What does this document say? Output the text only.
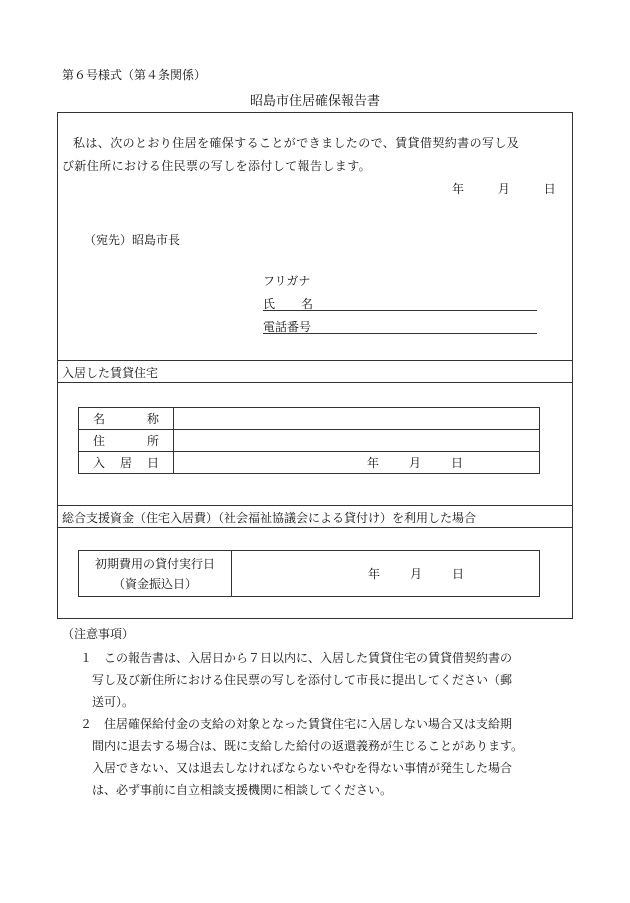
第６号様式（第４条関係）
昭島市住居確保報告書
私は、次のとおり住居を確保することができましたので、賃貸借契約書の写し及
び新住所における住民票の写しを添付して報告します。
年	月	日
（宛先）昭島市長
フリガナ
氏 名
電話番号
入居した賃貸住宅
名 称	

住 所	

入 居 日	年 月 日
総合支援資金（住宅入居費）（社会福祉協議会による貸付け）を利用した場合
初期費用の貸付実行日
（資金振込日）

年	月	日
（注意事項）
１ この報告書は、入居日から７日以内に、入居した賃貸住宅の賃貸借契約書の
写し及び新住所における住民票の写しを添付して市長に提出してください（郵
送可）。
２ 住居確保給付金の支給の対象となった賃貸住宅に入居しない場合又は支給期
間内に退去する場合は、既に支給した給付の返還義務が生じることがあります。
入居できない、又は退去しなければならないやむを得ない事情が発生した場合
は、必ず事前に自立相談支援機関に相談してください。
